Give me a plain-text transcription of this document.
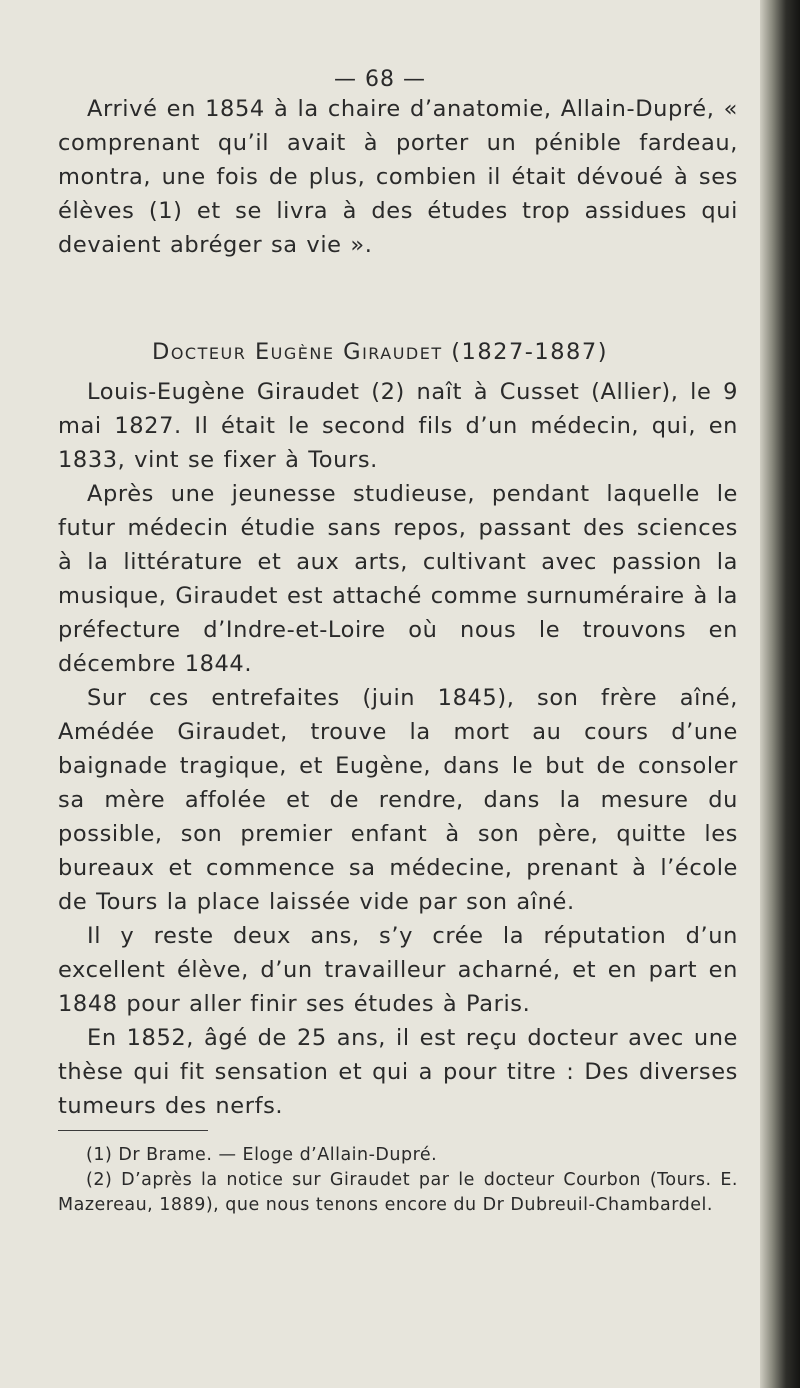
— 68 —

Arrivé en 1854 à la chaire d’anatomie, Allain-Dupré, « comprenant qu’il avait à porter un pénible fardeau, montra, une fois de plus, combien il était dévoué à ses élèves (1) et se livra à des études trop assidues qui devaient abréger sa vie ».

Docteur Eugène Giraudet (1827-1887)

Louis-Eugène Giraudet (2) naît à Cusset (Allier), le 9 mai 1827. Il était le second fils d’un médecin, qui, en 1833, vint se fixer à Tours.

Après une jeunesse studieuse, pendant laquelle le futur médecin étudie sans repos, passant des sciences à la littérature et aux arts, cultivant avec passion la musique, Giraudet est attaché comme surnuméraire à la préfecture d’Indre-et-Loire où nous le trouvons en décembre 1844.

Sur ces entrefaites (juin 1845), son frère aîné, Amédée Giraudet, trouve la mort au cours d’une baignade tragique, et Eugène, dans le but de consoler sa mère affolée et de rendre, dans la mesure du possible, son premier enfant à son père, quitte les bureaux et commence sa médecine, prenant à l’école de Tours la place laissée vide par son aîné.

Il y reste deux ans, s’y crée la réputation d’un excellent élève, d’un travailleur acharné, et en part en 1848 pour aller finir ses études à Paris.

En 1852, âgé de 25 ans, il est reçu docteur avec une thèse qui fit sensation et qui a pour titre : Des diverses tumeurs des nerfs.

(1) Dr Brame. — Eloge d’Allain-Dupré.

(2) D’après la notice sur Giraudet par le docteur Courbon (Tours. E. Mazereau, 1889), que nous tenons encore du Dr Dubreuil-Chambardel.
